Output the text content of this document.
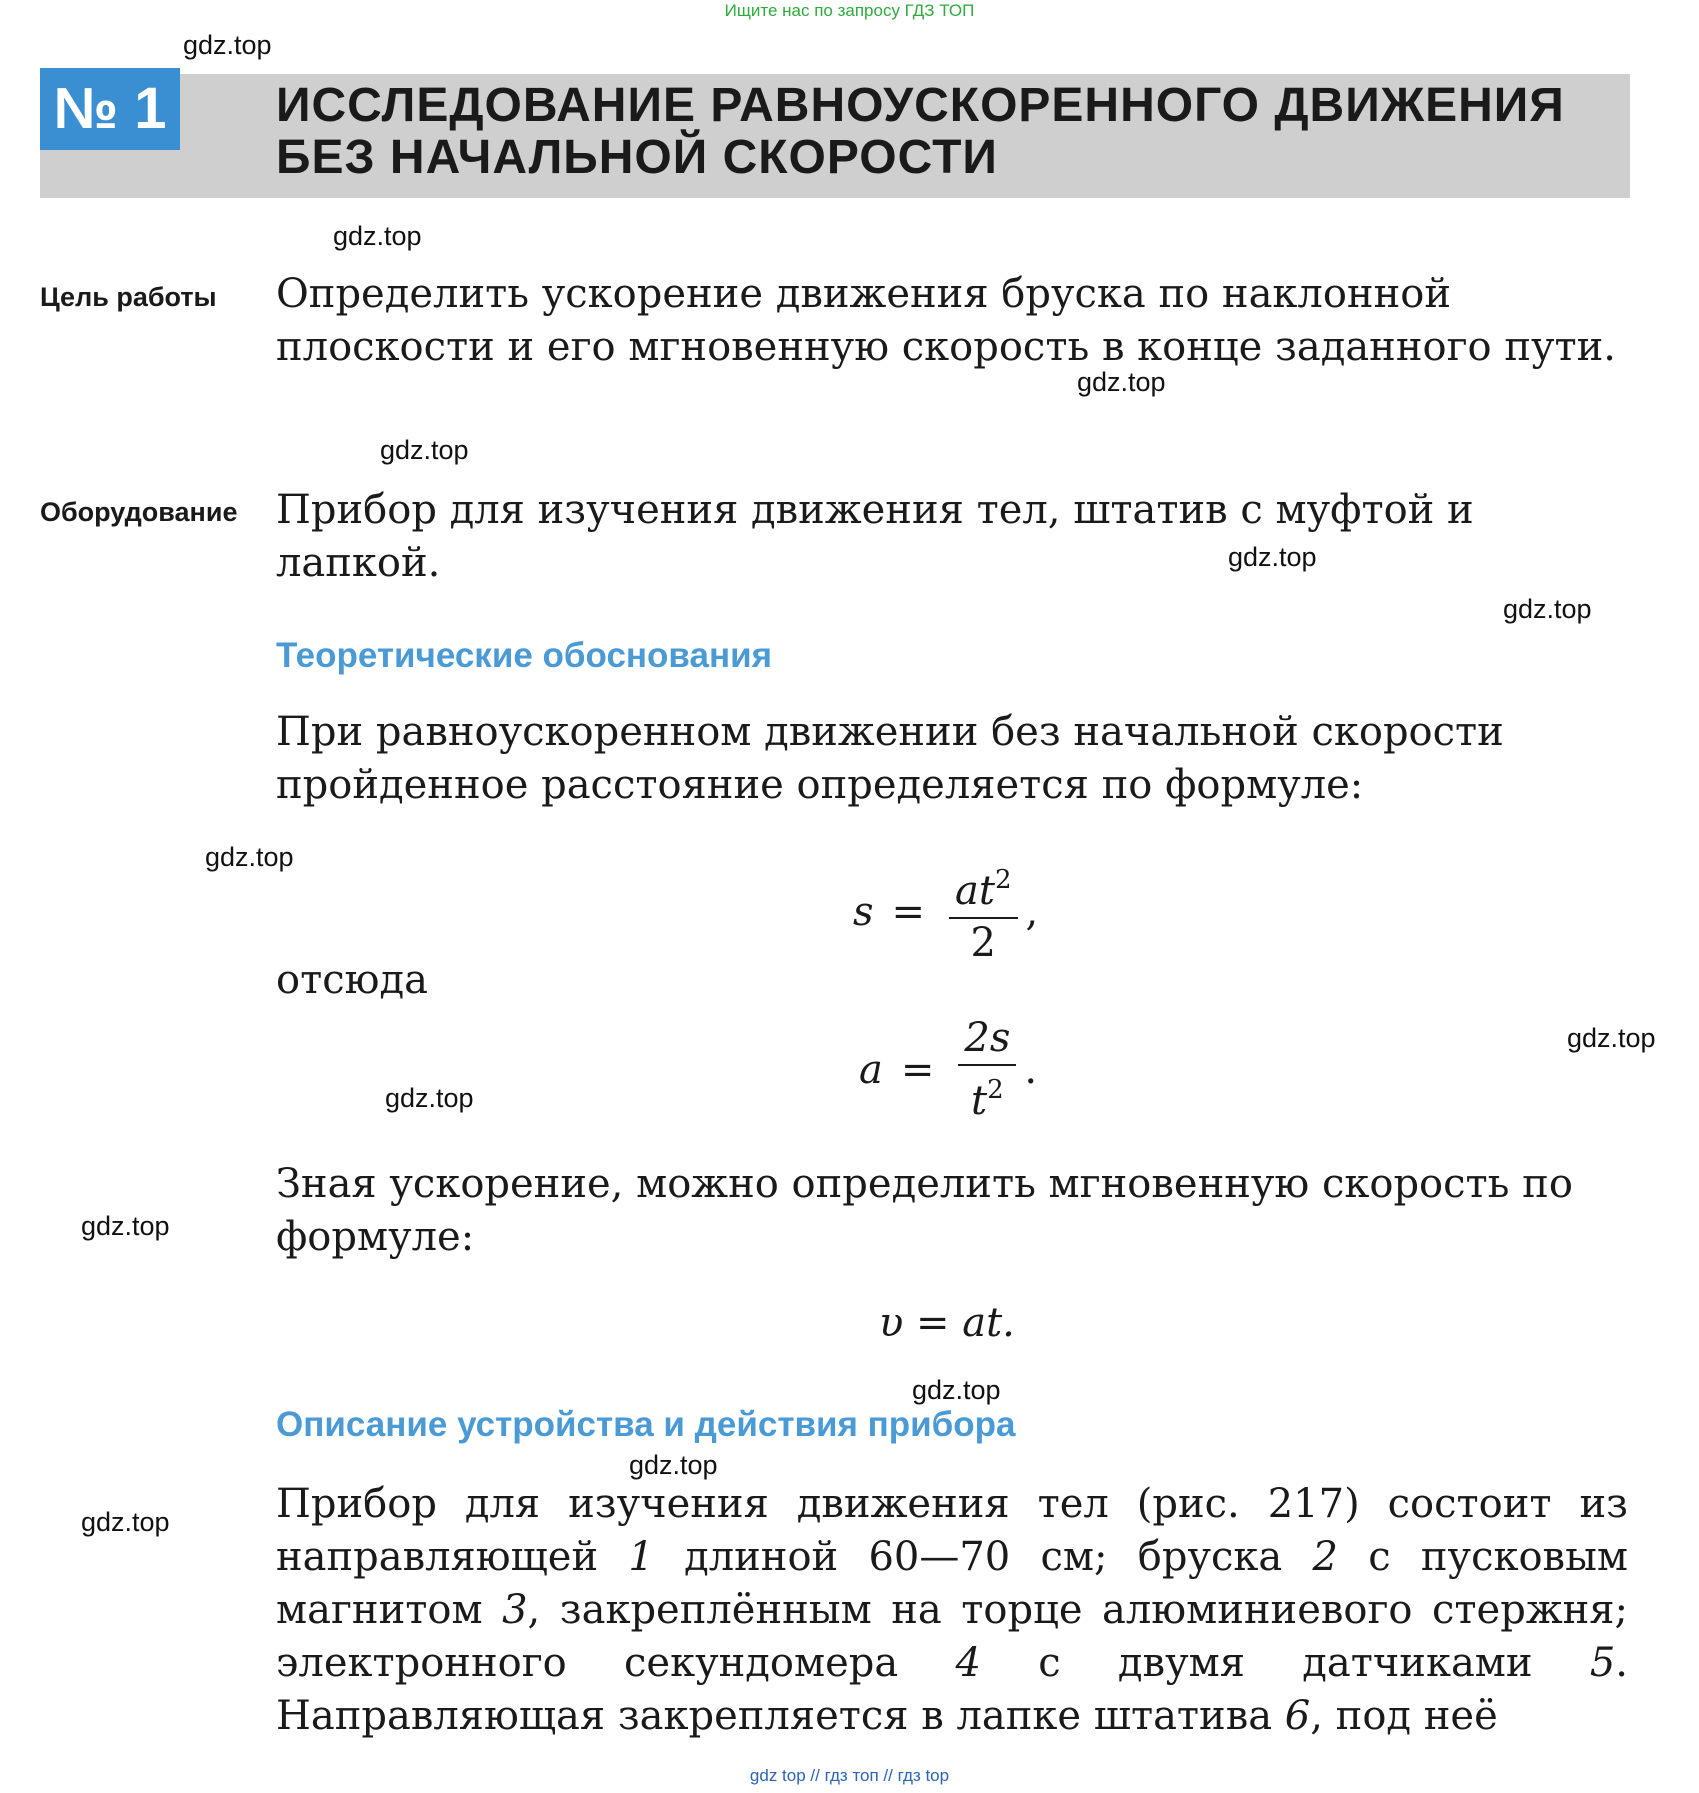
Ищите нас по запросу ГДЗ ТОП
№ 1 ИССЛЕДОВАНИЕ РАВНОУСКОРЕННОГО ДВИЖЕНИЯ
БЕЗ НАЧАЛЬНОЙ СКОРОСТИ
gdz.top
gdz.top
gdz.top
gdz.top
gdz.top
gdz.top
gdz.top
gdz.top
gdz.top
gdz.top
gdz.top
gdz.top
gdz.top
Цель работы Определить ускорение движения бруска по наклонной плоскости и его мгновенную скорость в конце заданного пути.
Оборудование Прибор для изучения движения тел, штатив с муфтой и лапкой.
Теоретические обоснования
При равноускоренном движении без начальной скорости пройденное расстояние определяется по формуле:
$s = \frac{at^2}{2}$ ,
отсюда
$a = \frac{2s}{t^2}$ .
Зная ускорение, можно определить мгновенную скорость по формуле:
υ = at.
Описание устройства и действия прибора
Прибор для изучения движения тел (рис. 217) состоит из направляющей 1 длиной 60—70 см; бруска 2 с пусковым магнитом 3, закреплённым на торце алюминиевого стержня; электронного секундомера 4 с двумя датчиками 5. Направляющая закрепляется в лапке штатива 6, под неё
gdz top // гдз топ // гдз top
